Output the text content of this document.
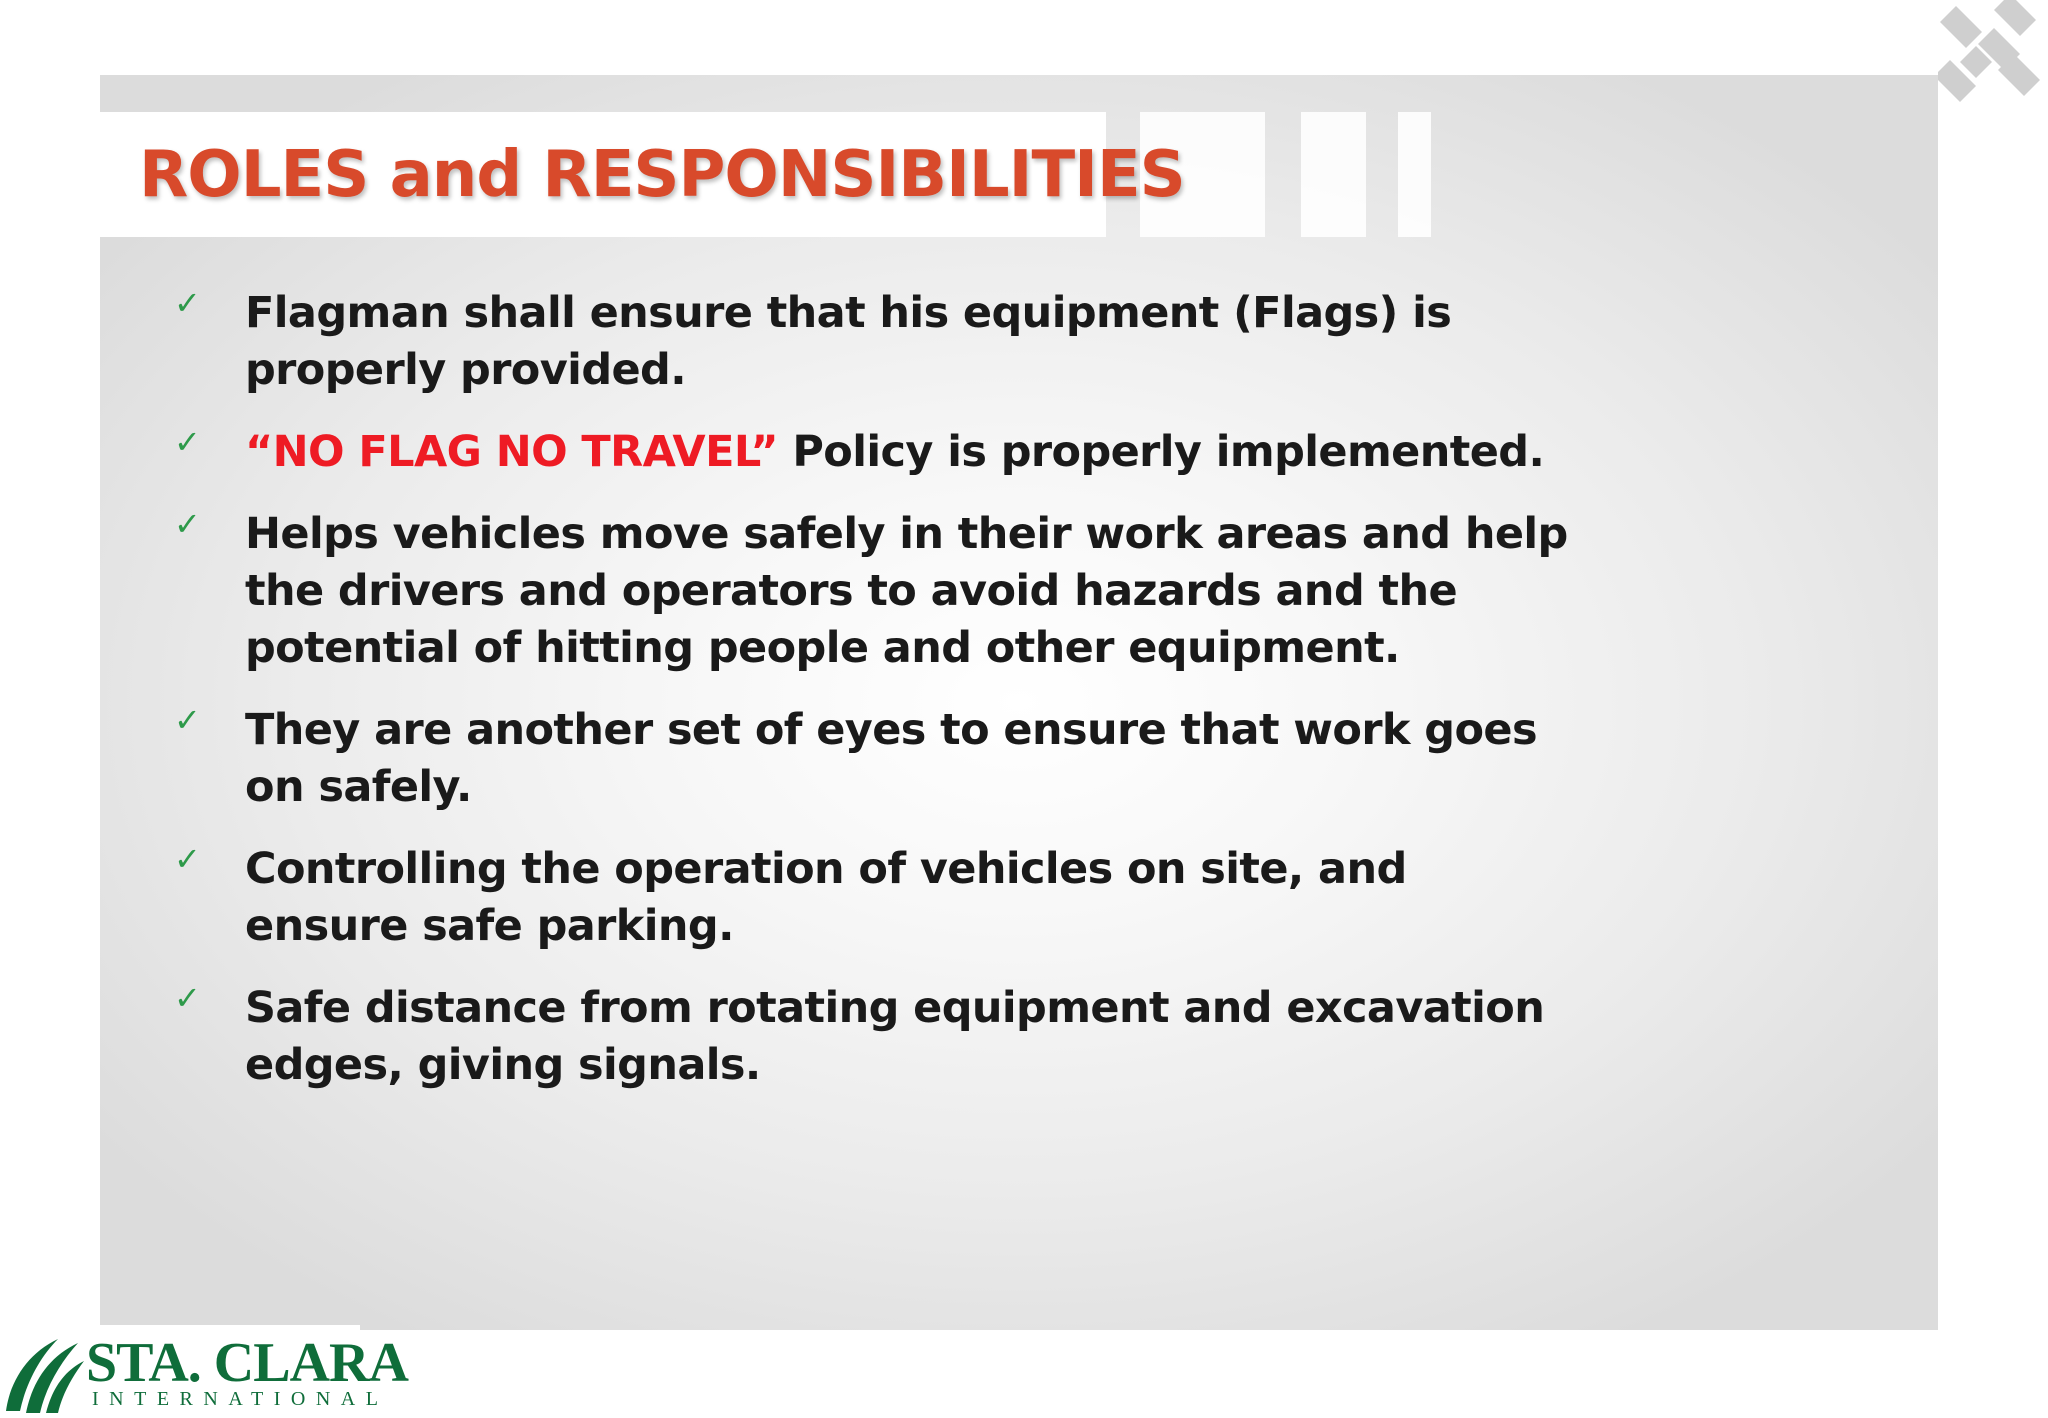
ROLES and RESPONSIBILITIES
✓ Flagman shall ensure that his equipment (Flags) is properly provided.
✓ “NO FLAG NO TRAVEL” Policy is properly implemented.
✓ Helps vehicles move safely in their work areas and help the drivers and operators to avoid hazards and the potential of hitting people and other equipment.
✓ They are another set of eyes to ensure that work goes on safely.
✓ Controlling the operation of vehicles on site, and ensure safe parking.
✓ Safe distance from rotating equipment and excavation edges, giving signals.
STA. CLARA
INTERNATIONAL
